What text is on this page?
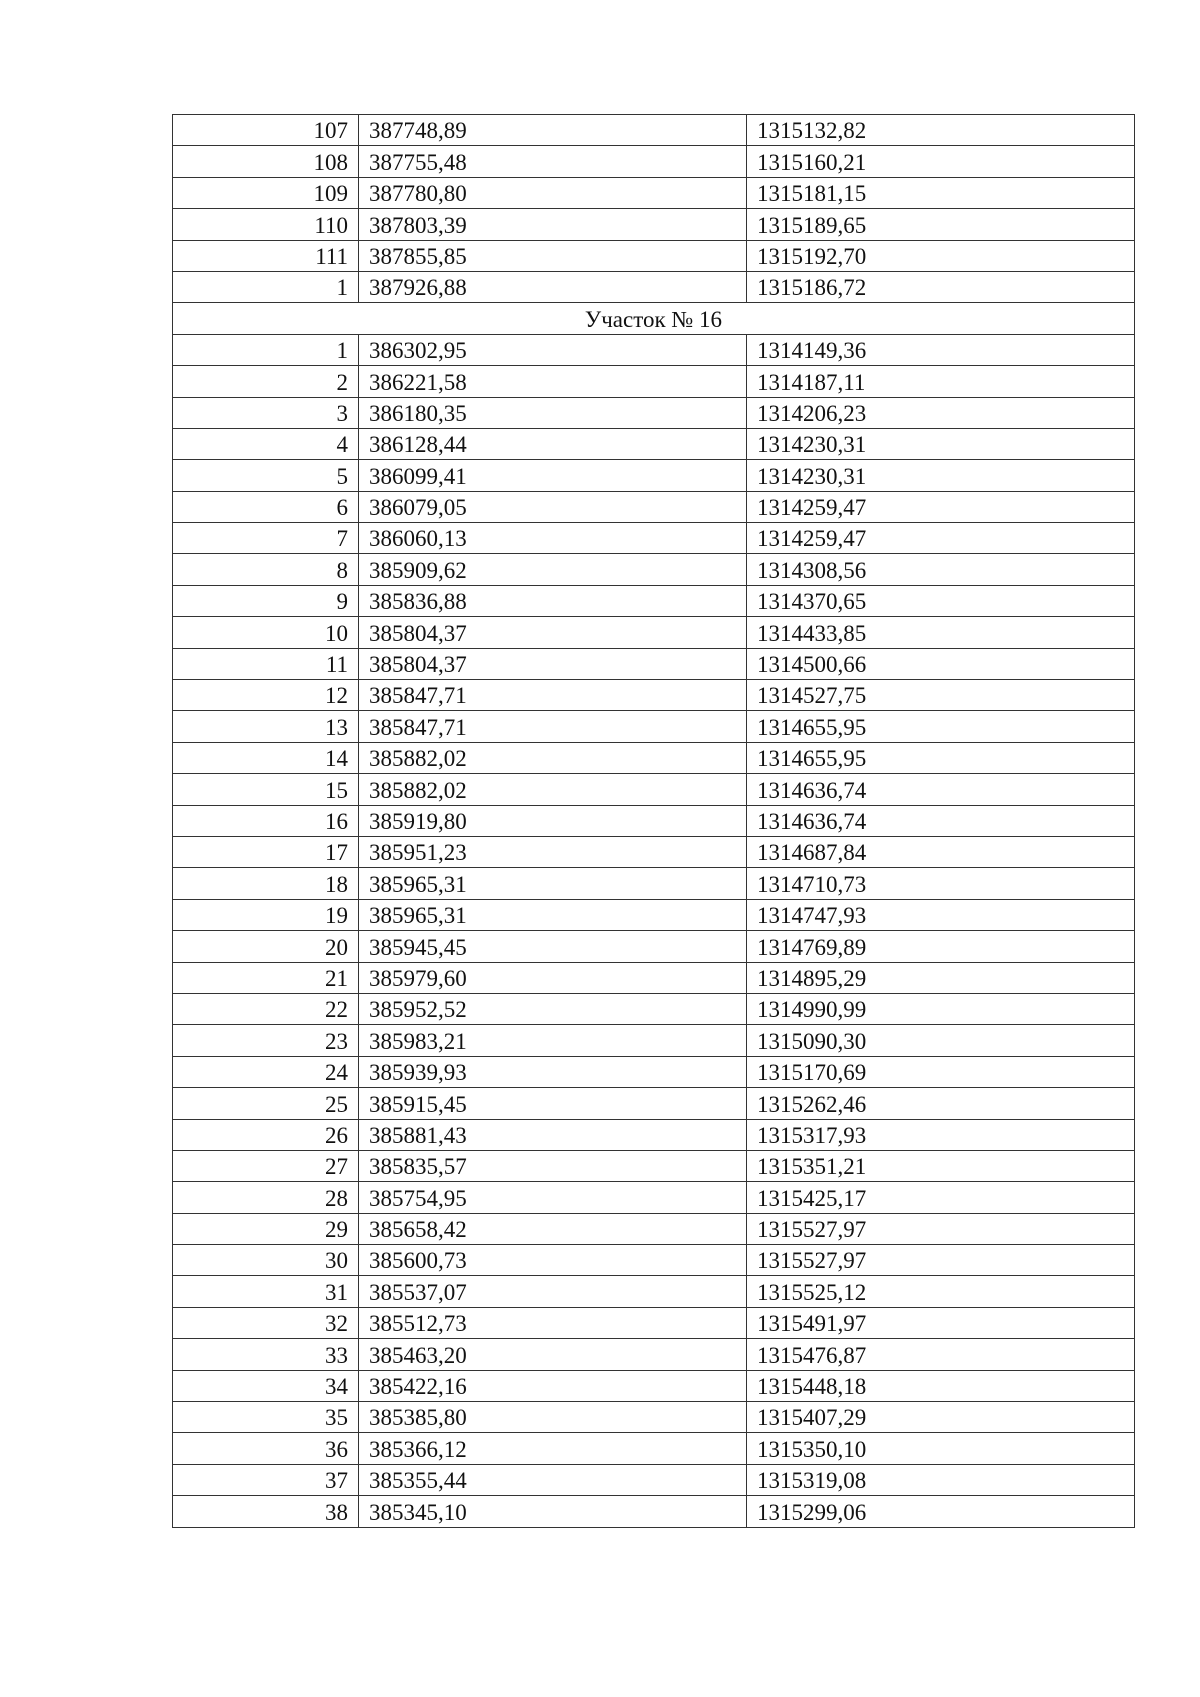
107	387748,89	1315132,82
108	387755,48	1315160,21
109	387780,80	1315181,15
110	387803,39	1315189,65
111	387855,85	1315192,70
1	387926,88	1315186,72
Участок № 16		
1	386302,95	1314149,36
2	386221,58	1314187,11
3	386180,35	1314206,23
4	386128,44	1314230,31
5	386099,41	1314230,31
6	386079,05	1314259,47
7	386060,13	1314259,47
8	385909,62	1314308,56
9	385836,88	1314370,65
10	385804,37	1314433,85
11	385804,37	1314500,66
12	385847,71	1314527,75
13	385847,71	1314655,95
14	385882,02	1314655,95
15	385882,02	1314636,74
16	385919,80	1314636,74
17	385951,23	1314687,84
18	385965,31	1314710,73
19	385965,31	1314747,93
20	385945,45	1314769,89
21	385979,60	1314895,29
22	385952,52	1314990,99
23	385983,21	1315090,30
24	385939,93	1315170,69
25	385915,45	1315262,46
26	385881,43	1315317,93
27	385835,57	1315351,21
28	385754,95	1315425,17
29	385658,42	1315527,97
30	385600,73	1315527,97
31	385537,07	1315525,12
32	385512,73	1315491,97
33	385463,20	1315476,87
34	385422,16	1315448,18
35	385385,80	1315407,29
36	385366,12	1315350,10
37	385355,44	1315319,08
38	385345,10	1315299,06
